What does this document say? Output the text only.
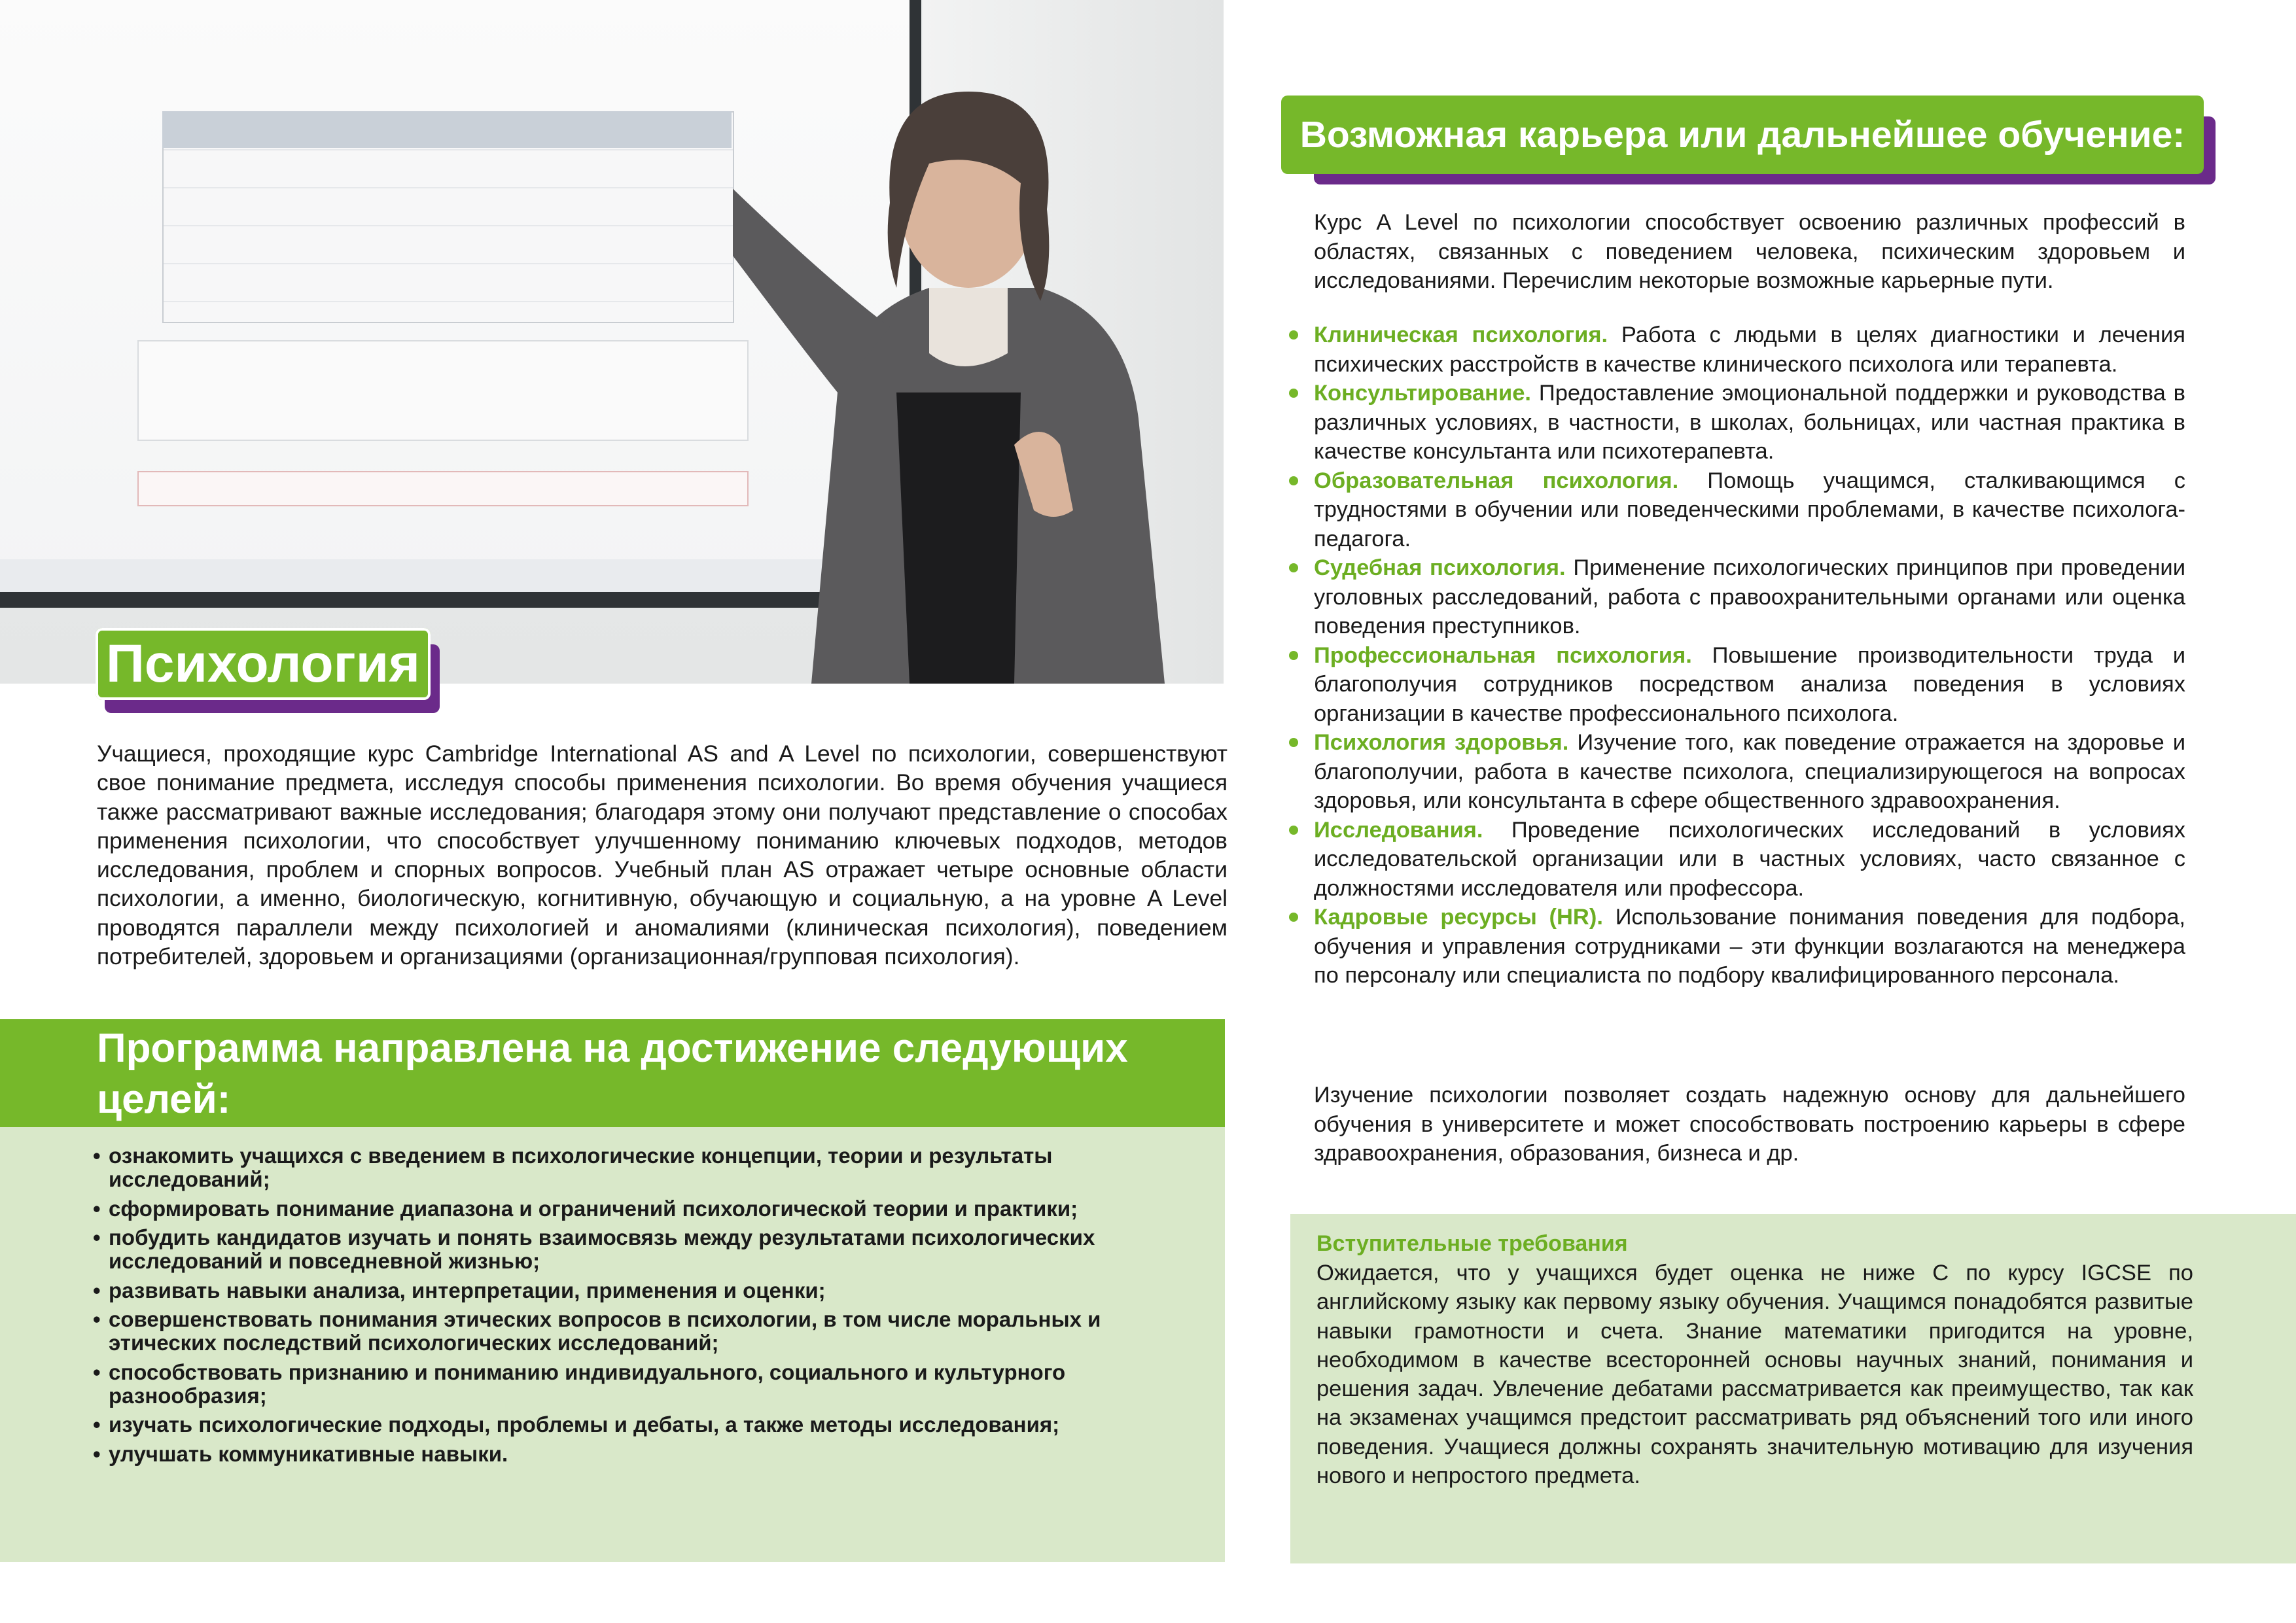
Психология
Учащиеся, проходящие курс Cambridge International AS and A Level по психологии, совершенствуют свое понимание предмета, исследуя способы применения психологии. Во время обучения учащиеся также рассматривают важные исследования; благодаря этому они получают представление о способах применения психологии, что способствует улучшенному пониманию ключевых подходов, методов исследования, проблем и спорных вопросов. Учебный план AS отражает четыре основные области психологии, а именно, биологическую, когнитивную, обучающую и социальную, а на уровне A Level проводятся параллели между психологией и аномалиями (клиническая психология), поведением потребителей, здоровьем и организациями (организационная/групповая психология).
Программа направлена на достижение следующих целей:
• ознакомить учащихся с введением в психологические концепции, теории и результаты исследований;
• сформировать понимание диапазона и ограничений психологической теории и практики;
• побудить кандидатов изучать и понять взаимосвязь между результатами психологических исследований и повседневной жизнью;
• развивать навыки анализа, интерпретации, применения и оценки;
• совершенствовать понимания этических вопросов в психологии, в том числе моральных и этических последствий психологических исследований;
• способствовать признанию и пониманию индивидуального, социального и культурного разнообразия;
• изучать психологические подходы, проблемы и дебаты, а также методы исследования;
• улучшать коммуникативные навыки.
Возможная карьера или дальнейшее обучение:
Курс A Level по психологии способствует освоению различных профессий в областях, связанных с поведением человека, психическим здоровьем и исследованиями. Перечислим некоторые возможные карьерные пути.
Клиническая психология. Работа с людьми в целях диагностики и лечения психических расстройств в качестве клинического психолога или терапевта.
Консультирование. Предоставление эмоциональной поддержки и руководства в различных условиях, в частности, в школах, больницах, или частная практика в качестве консультанта или психотерапевта.
Образовательная психология. Помощь учащимся, сталкивающимся с трудностями в обучении или поведенческими проблемами, в качестве психолога-педагога.
Судебная психология. Применение психологических принципов при проведении уголовных расследований, работа с правоохранительными органами или оценка поведения преступников.
Профессиональная психология. Повышение производительности труда и благополучия сотрудников посредством анализа поведения в условиях организации в качестве профессионального психолога.
Психология здоровья. Изучение того, как поведение отражается на здоровье и благополучии, работа в качестве психолога, специализирующегося на вопросах здоровья, или консультанта в сфере общественного здравоохранения.
Исследования. Проведение психологических исследований в условиях исследовательской организации или в частных условиях, часто связанное с должностями исследователя или профессора.
Кадровые ресурсы (HR). Использование понимания поведения для подбора, обучения и управления сотрудниками – эти функции возлагаются на менеджера по персоналу или специалиста по подбору квалифицированного персонала.
Изучение психологии позволяет создать надежную основу для дальнейшего обучения в университете и может способствовать построению карьеры в сфере здравоохранения, образования, бизнеса и др.
Вступительные требования
Ожидается, что у учащихся будет оценка не ниже C по курсу IGCSE по английскому языку как первому языку обучения. Учащимся понадобятся развитые навыки грамотности и счета. Знание математики пригодится на уровне, необходимом в качестве всесторонней основы научных знаний, понимания и решения задач. Увлечение дебатами рассматривается как преимущество, так как на экзаменах учащимся предстоит рассматривать ряд объяснений того или иного поведения. Учащиеся должны сохранять значительную мотивацию для изучения нового и непростого предмета.
